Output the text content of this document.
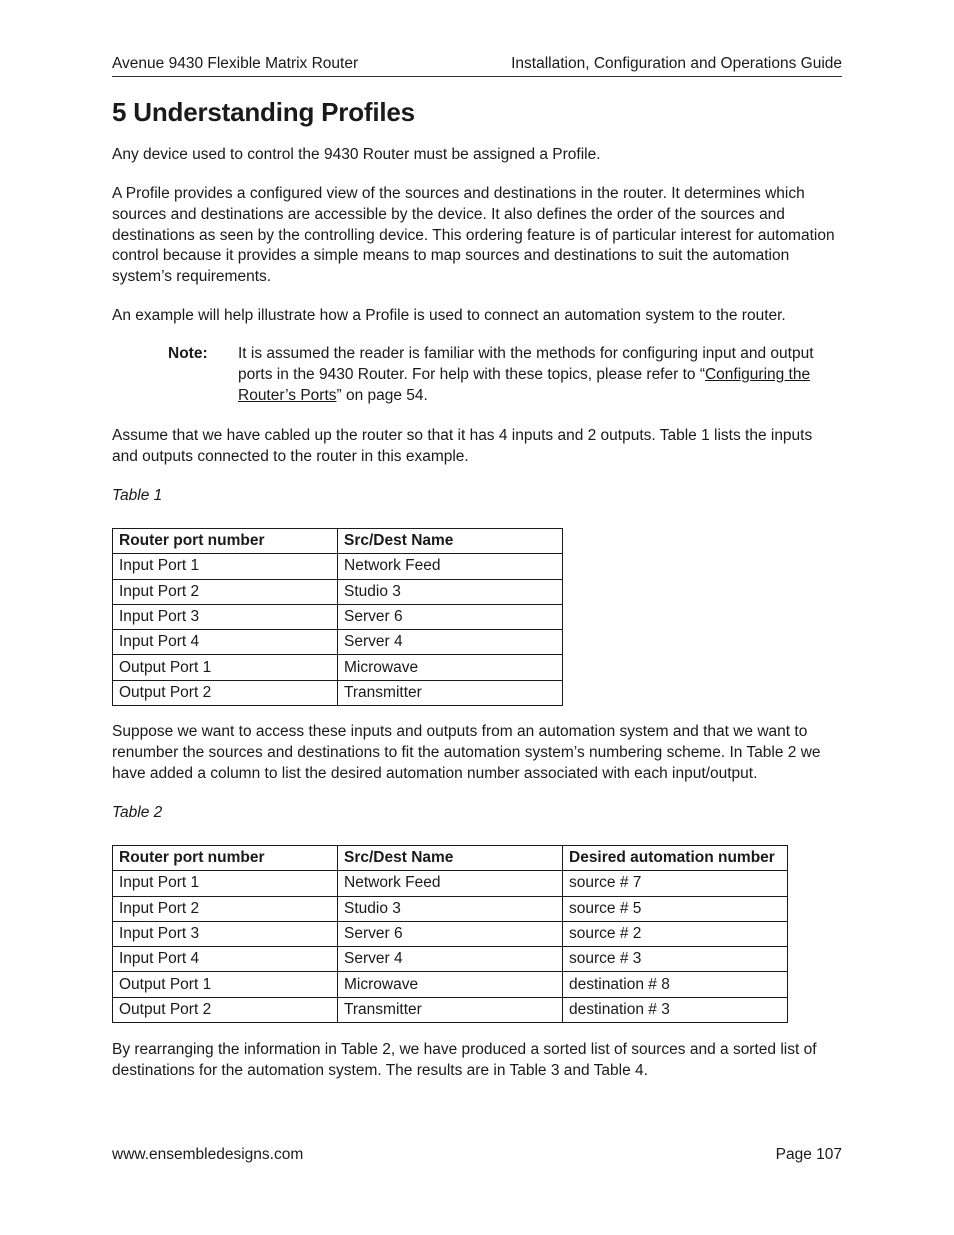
Avenue 9430 Flexible Matrix Router	Installation, Configuration and Operations Guide
5 Understanding Profiles

Any device used to control the 9430 Router must be assigned a Profile.

A Profile provides a configured view of the sources and destinations in the router. It determines which sources and destinations are accessible by the device. It also defines the order of the sources and destinations as seen by the controlling device. This ordering feature is of particular interest for automation control because it provides a simple means to map sources and destinations to suit the automation system’s requirements.

An example will help illustrate how a Profile is used to connect an automation system to the router.

Note: It is assumed the reader is familiar with the methods for configuring input and output ports in the 9430 Router. For help with these topics, please refer to “Configuring the Router’s Ports” on page 54.

Assume that we have cabled up the router so that it has 4 inputs and 2 outputs. Table 1 lists the inputs and outputs connected to the router in this example.

Table 1
Router port number	Src/Dest Name
Input Port 1	Network Feed
Input Port 2	Studio 3
Input Port 3	Server 6
Input Port 4	Server 4
Output Port 1	Microwave
Output Port 2	Transmitter

Suppose we want to access these inputs and outputs from an automation system and that we want to renumber the sources and destinations to fit the automation system’s numbering scheme. In Table 2 we have added a column to list the desired automation number associated with each input/output.

Table 2
Router port number	Src/Dest Name	Desired automation number
Input Port 1	Network Feed	source # 7
Input Port 2	Studio 3	source # 5
Input Port 3	Server 6	source # 2
Input Port 4	Server 4	source # 3
Output Port 1	Microwave	destination # 8
Output Port 2	Transmitter	destination # 3

By rearranging the information in Table 2, we have produced a sorted list of sources and a sorted list of destinations for the automation system. The results are in Table 3 and Table 4.

www.ensembledesigns.com	Page 107
